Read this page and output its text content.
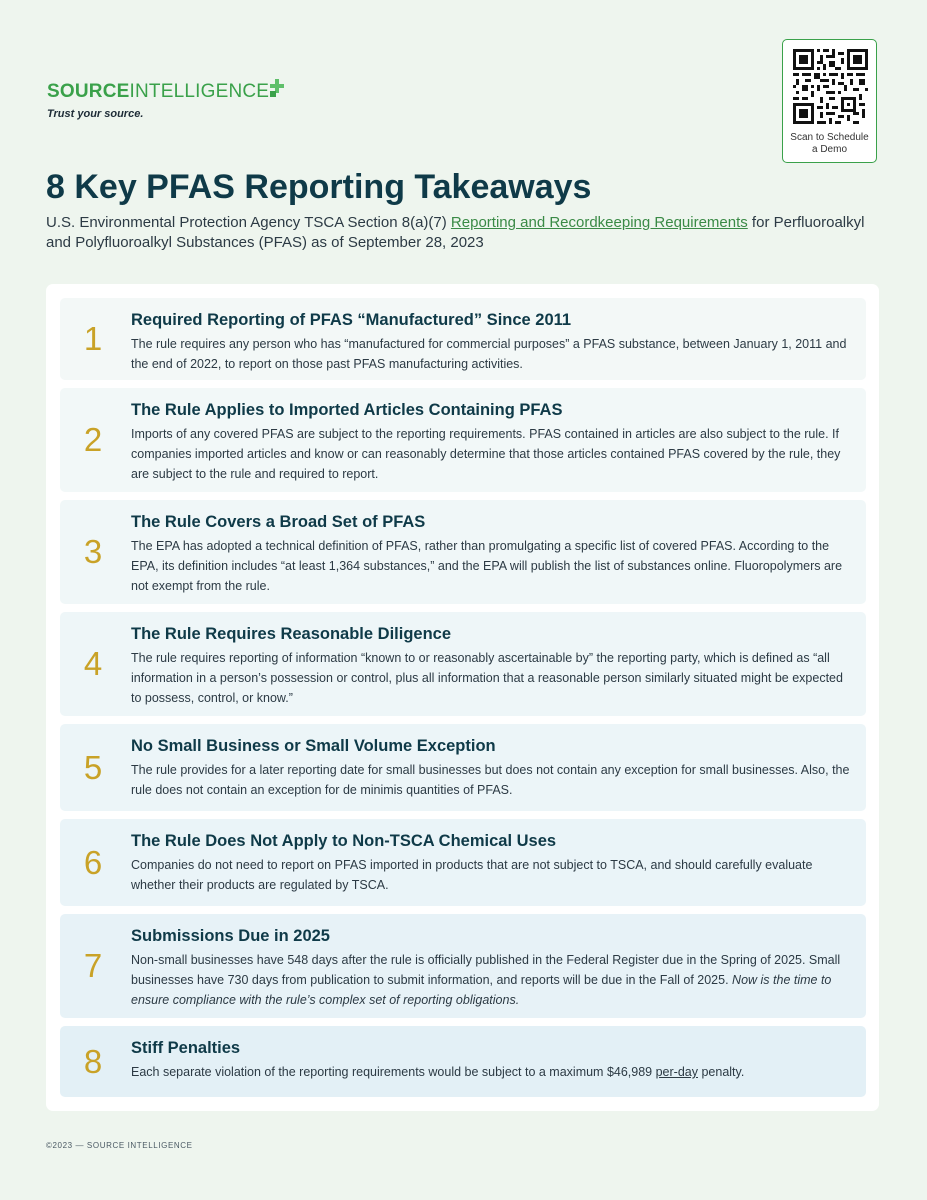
SOURCEINTELLIGENCE
Trust your source.
Scan to Schedule
a Demo
8 Key PFAS Reporting Takeaways
U.S. Environmental Protection Agency TSCA Section 8(a)(7) Reporting and Recordkeeping Requirements for Perfluoroalkyl and Polyfluoroalkyl Substances (PFAS) as of September 28, 2023
1	Required Reporting of PFAS “Manufactured” Since 2011
The rule requires any person who has “manufactured for commercial purposes” a PFAS substance, between January 1, 2011 and the end of 2022, to report on those past PFAS manufacturing activities.
2
The Rule Applies to Imported Articles Containing PFAS
Imports of any covered PFAS are subject to the reporting requirements. PFAS contained in articles are also subject to the rule. If companies imported articles and know or can reasonably determine that those articles contained PFAS covered by the rule, they are subject to the rule and required to report.
3
The Rule Covers a Broad Set of PFAS
The EPA has adopted a technical definition of PFAS, rather than promulgating a specific list of covered PFAS. According to the EPA, its definition includes “at least 1,364 substances,” and the EPA will publish the list of substances online. Fluoropolymers are not exempt from the rule.
4
The Rule Requires Reasonable Diligence
The rule requires reporting of information “known to or reasonably ascertainable by” the reporting party, which is defined as “all information in a person’s possession or control, plus all information that a reasonable person similarly situated might be expected to possess, control, or know.”
5
No Small Business or Small Volume Exception
The rule provides for a later reporting date for small businesses but does not contain any exception for small businesses. Also, the rule does not contain an exception for de minimis quantities of PFAS.
6
The Rule Does Not Apply to Non-TSCA Chemical Uses
Companies do not need to report on PFAS imported in products that are not subject to TSCA, and should carefully evaluate whether their products are regulated by TSCA.
7
Submissions Due in 2025
Non-small businesses have 548 days after the rule is officially published in the Federal Register due in the Spring of 2025. Small businesses have 730 days from publication to submit information, and reports will be due in the Fall of 2025. Now is the time to ensure compliance with the rule’s complex set of reporting obligations.
8	Stiff Penalties
Each separate violation of the reporting requirements would be subject to a maximum $46,989 per-day penalty.
©2023 — SOURCE INTELLIGENCE
